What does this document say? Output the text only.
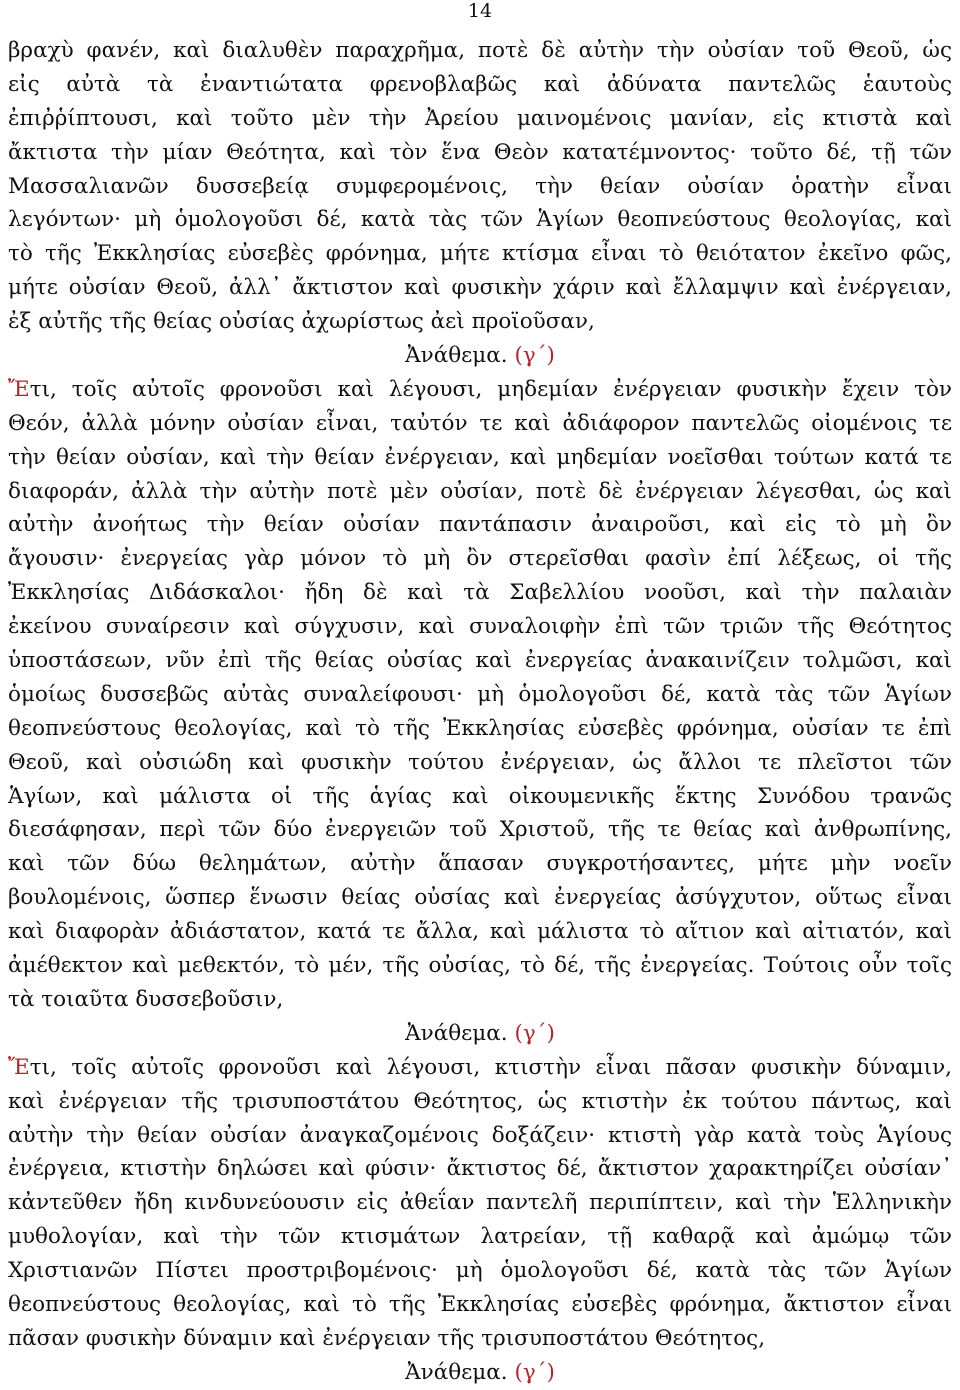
14
βραχὺ φανέν, καὶ διαλυθὲν παραχρῆμα, ποτὲ δὲ αὐτὴν τὴν οὐσίαν τοῦ Θεοῦ, ὡς
εἰς αὐτὰ τὰ ἐναντιώτατα φρενοβλαβῶς καὶ ἀδύνατα παντελῶς ἑαυτοὺς
ἐπιῤῥίπτουσι, καὶ τοῦτο μὲν τὴν Ἀρείου μαινομένοις μανίαν, εἰς κτιστὰ καὶ
ἄκτιστα τὴν μίαν Θεότητα, καὶ τὸν ἕνα Θεὸν κατατέμνοντος· τοῦτο δέ, τῇ τῶν
Μασσαλιανῶν δυσσεβείᾳ συμφερομένοις, τὴν θείαν οὐσίαν ὁρατὴν εἶναι
λεγόντων· μὴ ὁμολογοῦσι δέ, κατὰ τὰς τῶν Ἁγίων θεοπνεύστους θεολογίας, καὶ
τὸ τῆς Ἐκκλησίας εὐσεβὲς φρόνημα, μήτε κτίσμα εἶναι τὸ θειότατον ἐκεῖνο φῶς,
μήτε οὐσίαν Θεοῦ, ἀλλ᾽ ἄκτιστον καὶ φυσικὴν χάριν καὶ ἔλλαμψιν καὶ ἐνέργειαν,
ἐξ αὐτῆς τῆς θείας οὐσίας ἀχωρίστως ἀεὶ προϊοῦσαν,
Ἀνάθεμα. (γ´)
Ἔτι, τοῖς αὐτοῖς φρονοῦσι καὶ λέγουσι, μηδεμίαν ἐνέργειαν φυσικὴν ἔχειν τὸν
Θεόν, ἀλλὰ μόνην οὐσίαν εἶναι, ταὐτόν τε καὶ ἀδιάφορον παντελῶς οἰομένοις τε
τὴν θείαν οὐσίαν, καὶ τὴν θείαν ἐνέργειαν, καὶ μηδεμίαν νοεῖσθαι τούτων κατά τε
διαφοράν, ἀλλὰ τὴν αὐτὴν ποτὲ μὲν οὐσίαν, ποτὲ δὲ ἐνέργειαν λέγεσθαι, ὡς καὶ
αὐτὴν ἀνοήτως τὴν θείαν οὐσίαν παντάπασιν ἀναιροῦσι, καὶ εἰς τὸ μὴ ὂν
ἄγουσιν· ἐνεργείας γὰρ μόνον τὸ μὴ ὂν στερεῖσθαι φασὶν ἐπί λέξεως, οἱ τῆς
Ἐκκλησίας Διδάσκαλοι· ἤδη δὲ καὶ τὰ Σαβελλίου νοοῦσι, καὶ τὴν παλαιὰν
ἐκείνου συναίρεσιν καὶ σύγχυσιν, καὶ συναλοιφὴν ἐπὶ τῶν τριῶν τῆς Θεότητος
ὑποστάσεων, νῦν ἐπὶ τῆς θείας οὐσίας καὶ ἐνεργείας ἀνακαινίζειν τολμῶσι, καὶ
ὁμοίως δυσσεβῶς αὐτὰς συναλείφουσι· μὴ ὁμολογοῦσι δέ, κατὰ τὰς τῶν Ἁγίων
θεοπνεύστους θεολογίας, καὶ τὸ τῆς Ἐκκλησίας εὐσεβὲς φρόνημα, οὐσίαν τε ἐπὶ
Θεοῦ, καὶ οὐσιώδη καὶ φυσικὴν τούτου ἐνέργειαν, ὡς ἄλλοι τε πλεῖστοι τῶν
Ἁγίων, καὶ μάλιστα οἱ τῆς ἁγίας καὶ οἰκουμενικῆς ἕκτης Συνόδου τρανῶς
διεσάφησαν, περὶ τῶν δύο ἐνεργειῶν τοῦ Χριστοῦ, τῆς τε θείας καὶ ἀνθρωπίνης,
καὶ τῶν δύω θελημάτων, αὐτὴν ἅπασαν συγκροτήσαντες, μήτε μὴν νοεῖν
βουλομένοις, ὥσπερ ἕνωσιν θείας οὐσίας καὶ ἐνεργείας ἀσύγχυτον, οὕτως εἶναι
καὶ διαφορὰν ἀδιάστατον, κατά τε ἄλλα, καὶ μάλιστα τὸ αἴτιον καὶ αἰτιατόν, καὶ
ἀμέθεκτον καὶ μεθεκτόν, τὸ μέν, τῆς οὐσίας, τὸ δέ, τῆς ἐνεργείας. Τούτοις οὖν τοῖς
τὰ τοιαῦτα δυσσεβοῦσιν,
Ἀνάθεμα. (γ´)
Ἔτι, τοῖς αὐτοῖς φρονοῦσι καὶ λέγουσι, κτιστὴν εἶναι πᾶσαν φυσικὴν δύναμιν,
καὶ ἐνέργειαν τῆς τρισυποστάτου Θεότητος, ὡς κτιστὴν ἐκ τούτου πάντως, καὶ
αὐτὴν τὴν θείαν οὐσίαν ἀναγκαζομένοις δοξάζειν· κτιστὴ γὰρ κατὰ τοὺς Ἁγίους
ἐνέργεια, κτιστὴν δηλώσει καὶ φύσιν· ἄκτιστος δέ, ἄκτιστον χαρακτηρίζει οὐσίαν᾽
κἀντεῦθεν ἤδη κινδυνεύουσιν εἰς ἀθεΐαν παντελῆ περιπίπτειν, καὶ τὴν Ἑλληνικὴν
μυθολογίαν, καὶ τὴν τῶν κτισμάτων λατρείαν, τῇ καθαρᾷ καὶ ἀμώμῳ τῶν
Χριστιανῶν Πίστει προστριβομένοις· μὴ ὁμολογοῦσι δέ, κατὰ τὰς τῶν Ἁγίων
θεοπνεύστους θεολογίας, καὶ τὸ τῆς Ἐκκλησίας εὐσεβὲς φρόνημα, ἄκτιστον εἶναι
πᾶσαν φυσικὴν δύναμιν καὶ ἐνέργειαν τῆς τρισυποστάτου Θεότητος,
Ἀνάθεμα. (γ´)
